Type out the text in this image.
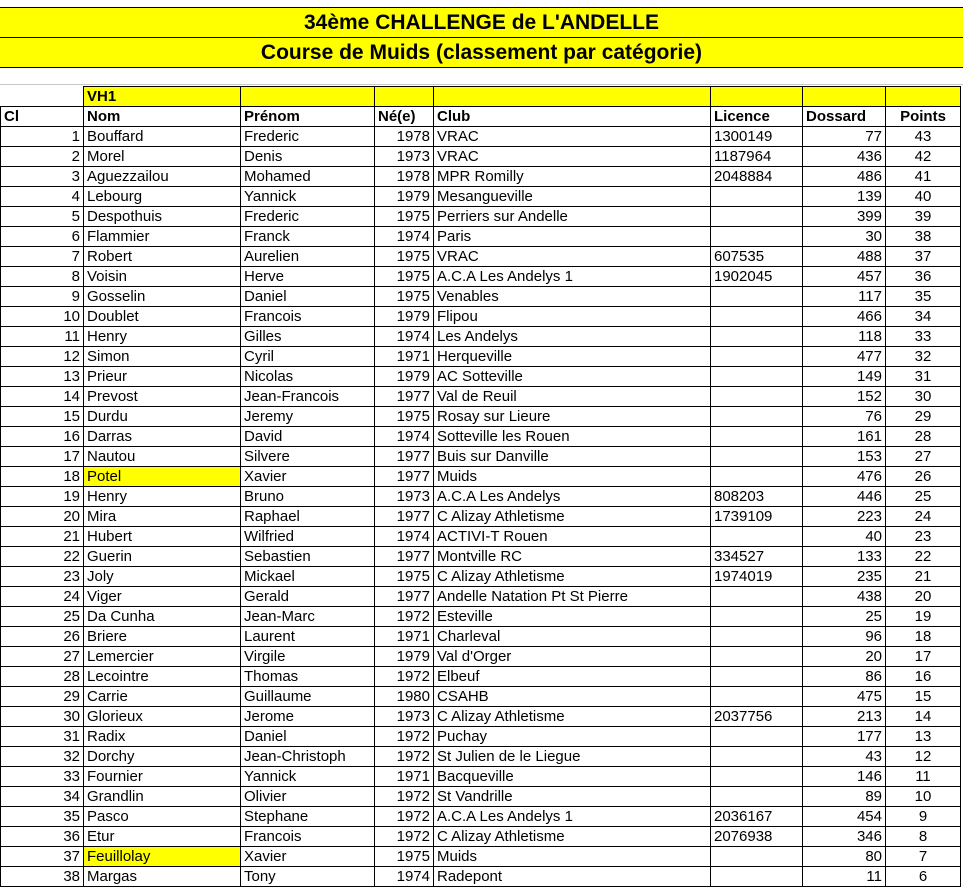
34ème CHALLENGE de L'ANDELLE
Course de Muids (classement par catégorie)
	VH1						
Cl	Nom	Prénom	Né(e)	Club	Licence	Dossard	Points
1	Bouffard	Frederic	1978	VRAC	1300149	77	43
2	Morel	Denis	1973	VRAC	1187964	436	42
3	Aguezzailou	Mohamed	1978	MPR Romilly	2048884	486	41
4	Lebourg	Yannick	1979	Mesangueville		139	40
5	Despothuis	Frederic	1975	Perriers sur Andelle		399	39
6	Flammier	Franck	1974	Paris		30	38
7	Robert	Aurelien	1975	VRAC	607535	488	37
8	Voisin	Herve	1975	A.C.A Les Andelys 1	1902045	457	36
9	Gosselin	Daniel	1975	Venables		117	35
10	Doublet	Francois	1979	Flipou		466	34
11	Henry	Gilles	1974	Les Andelys		118	33
12	Simon	Cyril	1971	Herqueville		477	32
13	Prieur	Nicolas	1979	AC Sotteville		149	31
14	Prevost	Jean-Francois	1977	Val de Reuil		152	30
15	Durdu	Jeremy	1975	Rosay sur Lieure		76	29
16	Darras	David	1974	Sotteville les Rouen		161	28
17	Nautou	Silvere	1977	Buis sur Danville		153	27
18	Potel	Xavier	1977	Muids		476	26
19	Henry	Bruno	1973	A.C.A Les Andelys	808203	446	25
20	Mira	Raphael	1977	C Alizay Athletisme	1739109	223	24
21	Hubert	Wilfried	1974	ACTIVI-T Rouen		40	23
22	Guerin	Sebastien	1977	Montville RC	334527	133	22
23	Joly	Mickael	1975	C Alizay Athletisme	1974019	235	21
24	Viger	Gerald	1977	Andelle Natation Pt St Pierre		438	20
25	Da Cunha	Jean-Marc	1972	Esteville		25	19
26	Briere	Laurent	1971	Charleval		96	18
27	Lemercier	Virgile	1979	Val d'Orger		20	17
28	Lecointre	Thomas	1972	Elbeuf		86	16
29	Carrie	Guillaume	1980	CSAHB		475	15
30	Glorieux	Jerome	1973	C Alizay Athletisme	2037756	213	14
31	Radix	Daniel	1972	Puchay		177	13
32	Dorchy	Jean-Christoph	1972	St Julien de le Liegue		43	12
33	Fournier	Yannick	1971	Bacqueville		146	11
34	Grandlin	Olivier	1972	St Vandrille		89	10
35	Pasco	Stephane	1972	A.C.A Les Andelys 1	2036167	454	9
36	Etur	Francois	1972	C Alizay Athletisme	2076938	346	8
37	Feuillolay	Xavier	1975	Muids		80	7
38	Margas	Tony	1974	Radepont		11	6
